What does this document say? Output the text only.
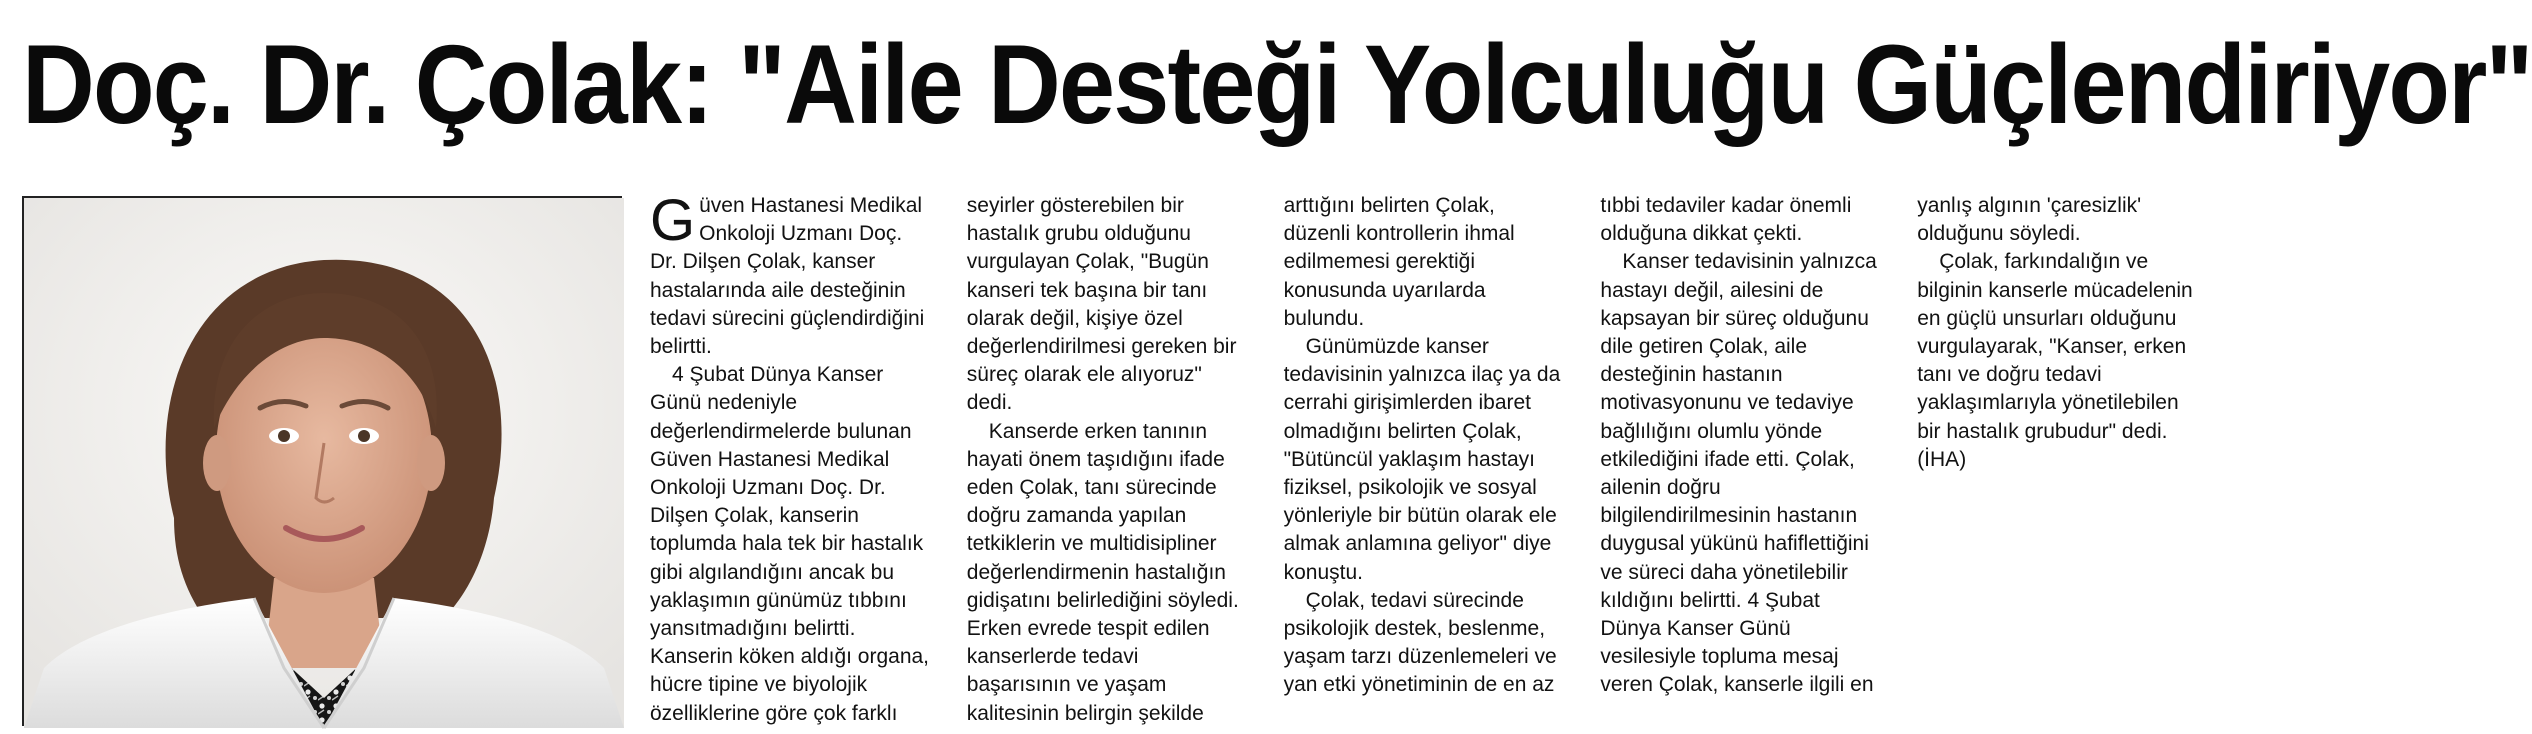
Doç. Dr. Çolak: "Aile Desteği Yolculuğu Güçlendiriyor"

Güven Hastanesi Medikal Onkoloji Uzmanı Doç. Dr. Dilşen Çolak, kanser hastalarında aile desteğinin tedavi sürecini güçlendirdiğini belirtti.

4 Şubat Dünya Kanser Günü nedeniyle değerlendirmelerde bulunan Güven Hastanesi Medikal Onkoloji Uzmanı Doç. Dr. Dilşen Çolak, kanserin toplumda hala tek bir hastalık gibi algılandığını ancak bu yaklaşımın günümüz tıbbını yansıtmadığını belirtti. Kanserin köken aldığı organa, hücre tipine ve biyolojik özelliklerine göre çok farklı seyirler gösterebilen bir hastalık grubu olduğunu vurgulayan Çolak, "Bugün kanseri tek başına bir tanı olarak değil, kişiye özel değerlendirilmesi gereken bir süreç olarak ele alıyoruz" dedi.

Kanserde erken tanının hayati önem taşıdığını ifade eden Çolak, tanı sürecinde doğru zamanda yapılan tetkiklerin ve multidisipliner değerlendirmenin hastalığın gidişatını belirlediğini söyledi. Erken evrede tespit edilen kanserlerde tedavi başarısının ve yaşam kalitesinin belirgin şekilde arttığını belirten Çolak, düzenli kontrollerin ihmal edilmemesi gerektiği konusunda uyarılarda bulundu.

Günümüzde kanser tedavisinin yalnızca ilaç ya da cerrahi girişimlerden ibaret olmadığını belirten Çolak, "Bütüncül yaklaşım hastayı fiziksel, psikolojik ve sosyal yönleriyle bir bütün olarak ele almak anlamına geliyor" diye konuştu.

Çolak, tedavi sürecinde psikolojik destek, beslenme, yaşam tarzı düzenlemeleri ve yan etki yönetiminin de en az tıbbi tedaviler kadar önemli olduğuna dikkat çekti.

Kanser tedavisinin yalnızca hastayı değil, ailesini de kapsayan bir süreç olduğunu dile getiren Çolak, aile desteğinin hastanın motivasyonunu ve tedaviye bağlılığını olumlu yönde etkilediğini ifade etti. Çolak, ailenin doğru bilgilendirilmesinin hastanın duygusal yükünü hafiflettiğini ve süreci daha yönetilebilir kıldığını belirtti. 4 Şubat Dünya Kanser Günü vesilesiyle topluma mesaj veren Çolak, kanserle ilgili en yanlış algının 'çaresizlik' olduğunu söyledi.

Çolak, farkındalığın ve bilginin kanserle mücadelenin en güçlü unsurları olduğunu vurgulayarak, "Kanser, erken tanı ve doğru tedavi yaklaşımlarıyla yönetilebilen bir hastalık grubudur" dedi. (İHA)
